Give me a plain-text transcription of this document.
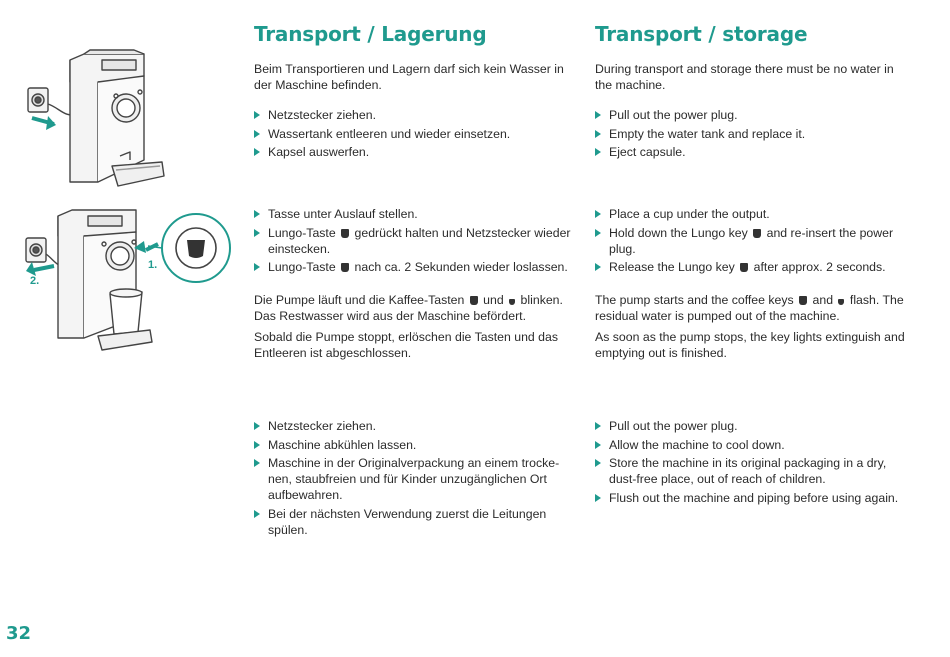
1.
2.
Transport / Lagerung

Beim Transportieren und Lagern darf sich kein Wasser in der Maschine befinden.

Netzstecker ziehen.
Wassertank entleeren und wieder einsetzen.
Kapsel auswerfen.
Tasse unter Auslauf stellen.
Lungo-Taste gedrückt halten und Netzstecker wieder einstecken.
Lungo-Taste nach ca. 2 Sekunden wieder loslassen.

Die Pumpe läuft und die Kaffee-Tasten und blinken. Das Restwasser wird aus der Maschine befördert.

Sobald die Pumpe stoppt, erlöschen die Tasten und das Entleeren ist abgeschlossen.

Netzstecker ziehen.
Maschine abkühlen lassen.
Maschine in der Originalverpackung an einem trocke-nen, staubfreien und für Kinder unzugänglichen Ort aufbewahren.
Bei der nächsten Verwendung zuerst die Leitungen spülen.
Transport / storage

During transport and storage there must be no water in the machine.

Pull out the power plug.
Empty the water tank and replace it.
Eject capsule.
Place a cup under the output.
Hold down the Lungo key and re-insert the power plug.
Release the Lungo key after approx. 2 seconds.

The pump starts and the coffee keys and flash. The residual water is pumped out of the machine.

As soon as the pump stops, the key lights extinguish and emptying out is finished.

Pull out the power plug.
Allow the machine to cool down.
Store the machine in its original packaging in a dry, dust-free place, out of reach of children.
Flush out the machine and piping before using again.
32
